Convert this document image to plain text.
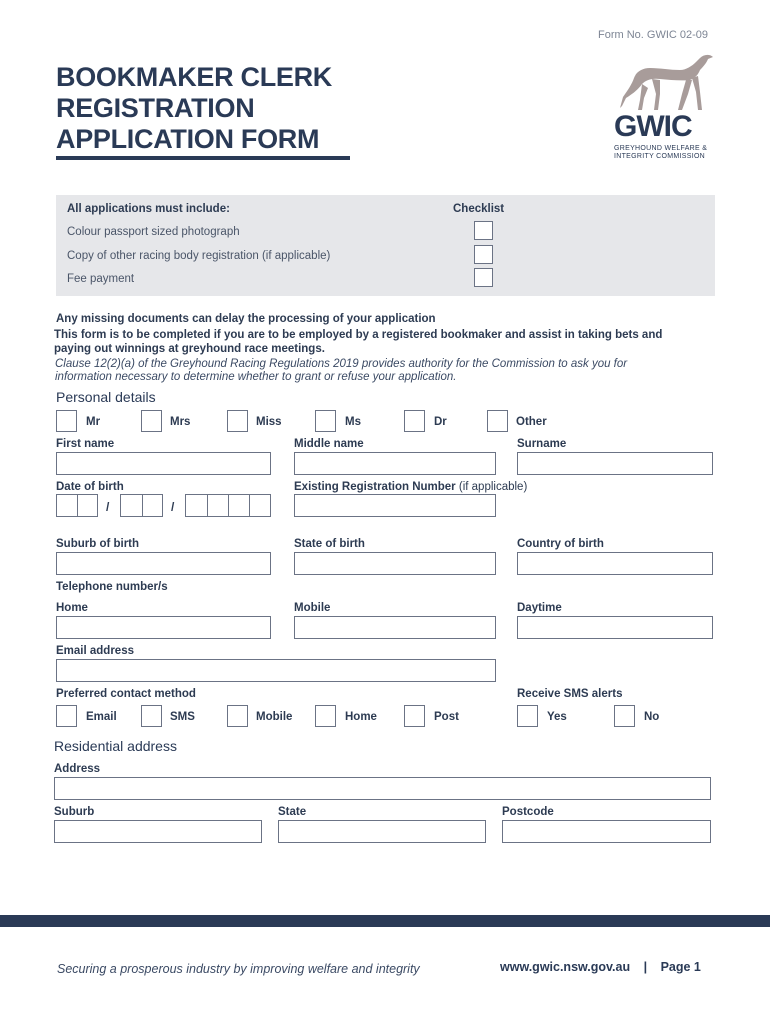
Form No. GWIC 02-09
BOOKMAKER CLERK
REGISTRATION
APPLICATION FORM	GWIC
GREYHOUND WELFARE &
INTEGRITY COMMISSION
All applications must include:	Checklist
Colour passport sized photograph
Copy of other racing body registration (if applicable)
Fee payment
Any missing documents can delay the processing of your application
This form is to be completed if you are to be employed by a registered bookmaker and assist in taking bets and
paying out winnings at greyhound race meetings.
Clause 12(2)(a) of the Greyhound Racing Regulations 2019 provides authority for the Commission to ask you for
information necessary to determine whether to grant or refuse your application.
Personal details
Mr	Mrs	Miss	Ms	Dr	Other
First name	Middle name	Surname
Date of birth	Existing Registration Number (if applicable)
/	/
Suburb of birth	State of birth	Country of birth
Telephone number/s
Home	Mobile	Daytime
Email address
Preferred contact method	Receive SMS alerts
Email	SMS	Mobile	Home	Post	Yes	No
Residential address
Address
Suburb	State	Postcode
Securing a prosperous industry by improving welfare and integrity	www.gwic.nsw.gov.au | Page 1
